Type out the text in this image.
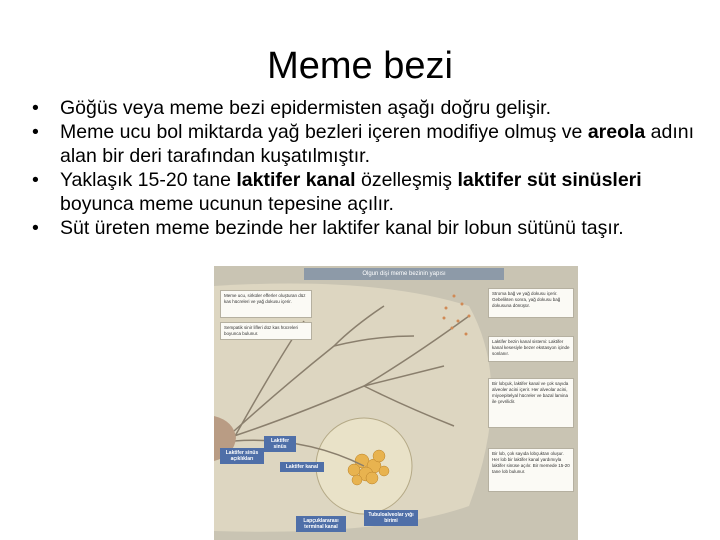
Meme bezi
• Göğüs veya meme bezi epidermisten aşağı doğru gelişir.
• Meme ucu bol miktarda yağ bezleri içeren modifiye olmuş ve areola adını alan bir deri tarafından kuşatılmıştır.
• Yaklaşık 15-20 tane laktifer kanal özelleşmiş laktifer süt sinüsleri boyunca meme ucunun tepesine açılır.
• Süt üreten meme bezinde her laktifer kanal bir lobun sütünü taşır.
Olgun dişi meme bezinin yapısı
Meme ucu, sirküler efferler oluşturan düz kas hücreleri ve yağ dokusu içerir.
Sempatik sinir lifleri düz kas hücreleri boyunca bulunur.
Stroma bağ ve yağ dokusu içerir. Gebelikten sonra, yağ dokusu bağ dokusuna dönüşür.
Laktifer bezin kanal sistemi: Laktifer kanal kesesiyle bezer ekstasyon içinde sonlanır.
Bir lobçuk, laktifer kanal ve çok sayıda alveoler acini içerir. Her alveolar acini, miyoepitelyal hücreler ve bazal lamina ile çevrilidir.
Bir lob, çok sayıda lobçuktan oluşur. Her lob bir laktifer kanal yardımıyla laktifer sinüse açılır. Bir memede 15-20 tane lob bulunur.
Laktifer sinüs
Laktifer sinüs açıklıkları
Laktifer kanal
Lapçuklararası terminal kanal
Tubuloalveolar yığı birimi
